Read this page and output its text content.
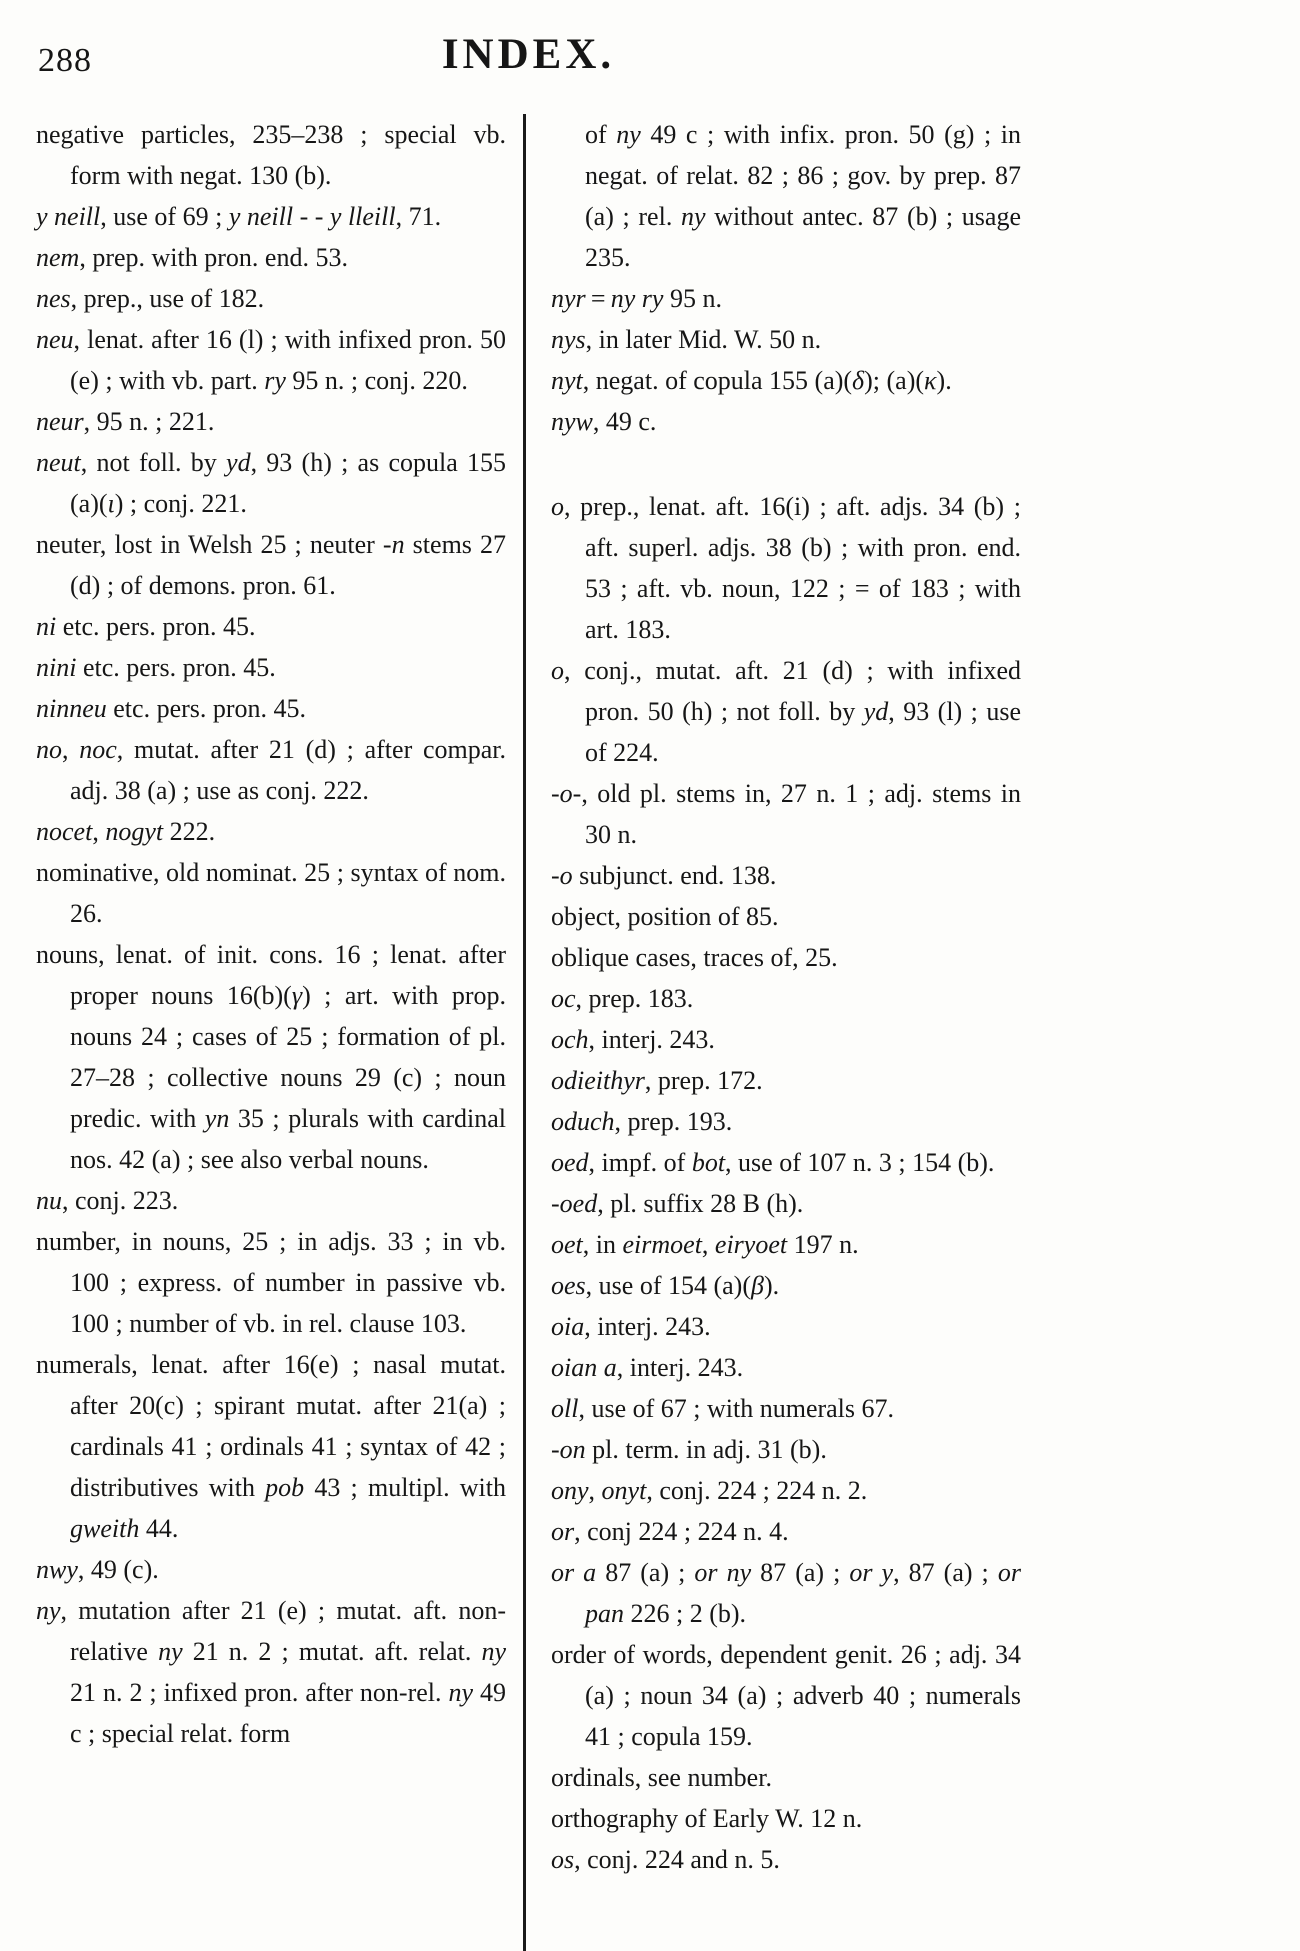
288	INDEX.

negative particles, 235–238 ; special vb. form with negat. 130 (b).

y neill, use of 69 ; y neill - - y lleill, 71.

nem, prep. with pron. end. 53.

nes, prep., use of 182.

neu, lenat. after 16 (l) ; with infixed pron. 50 (e) ; with vb. part. ry 95 n. ; conj. 220.

neur, 95 n. ; 221.

neut, not foll. by yd, 93 (h) ; as copula 155 (a)(ι) ; conj. 221.

neuter, lost in Welsh 25 ; neuter -n stems 27 (d) ; of demons. pron. 61.

ni etc. pers. pron. 45.

nini etc. pers. pron. 45.

ninneu etc. pers. pron. 45.

no, noc, mutat. after 21 (d) ; after compar. adj. 38 (a) ; use as conj. 222.

nocet, nogyt 222.

nominative, old nominat. 25 ; syntax of nom. 26.

nouns, lenat. of init. cons. 16 ; lenat. after proper nouns 16(b)(γ) ; art. with prop. nouns 24 ; cases of 25 ; formation of pl. 27–28 ; collective nouns 29 (c) ; noun predic. with yn 35 ; plurals with cardinal nos. 42 (a) ; see also verbal nouns.

nu, conj. 223.

number, in nouns, 25 ; in adjs. 33 ; in vb. 100 ; express. of number in passive vb. 100 ; number of vb. in rel. clause 103.

numerals, lenat. after 16(e) ; nasal mutat. after 20(c) ; spirant mutat. after 21(a) ; cardinals 41 ; ordinals 41 ; syntax of 42 ; distributives with pob 43 ; multipl. with gweith 44.

nwy, 49 (c).

ny, mutation after 21 (e) ; mutat. aft. non-relative ny 21 n. 2 ; mutat. aft. relat. ny 21 n. 2 ; infixed pron. after non-rel. ny 49 c ; special relat. form

of ny 49 c ; with infix. pron. 50 (g) ; in negat. of relat. 82 ; 86 ; gov. by prep. 87 (a) ; rel. ny without antec. 87 (b) ; usage 235.

nyr = ny ry 95 n.

nys, in later Mid. W. 50 n.

nyt, negat. of copula 155 (a)(δ); (a)(κ).

nyw, 49 c.

o, prep., lenat. aft. 16(i) ; aft. adjs. 34 (b) ; aft. superl. adjs. 38 (b) ; with pron. end. 53 ; aft. vb. noun, 122 ; = of 183 ; with art. 183.

o, conj., mutat. aft. 21 (d) ; with infixed pron. 50 (h) ; not foll. by yd, 93 (l) ; use of 224.

-o-, old pl. stems in, 27 n. 1 ; adj. stems in 30 n.

-o subjunct. end. 138.

object, position of 85.

oblique cases, traces of, 25.

oc, prep. 183.

och, interj. 243.

odieithyr, prep. 172.

oduch, prep. 193.

oed, impf. of bot, use of 107 n. 3 ; 154 (b).

-oed, pl. suffix 28 B (h).

oet, in eirmoet, eiryoet 197 n.

oes, use of 154 (a)(β).

oia, interj. 243.

oian a, interj. 243.

oll, use of 67 ; with numerals 67.

-on pl. term. in adj. 31 (b).

ony, onyt, conj. 224 ; 224 n. 2.

or, conj 224 ; 224 n. 4.

or a 87 (a) ; or ny 87 (a) ; or y, 87 (a) ; or pan 226 ; 2 (b).

order of words, dependent genit. 26 ; adj. 34 (a) ; noun 34 (a) ; adverb 40 ; numerals 41 ; copula 159.

ordinals, see number.

orthography of Early W. 12 n.

os, conj. 224 and n. 5.
